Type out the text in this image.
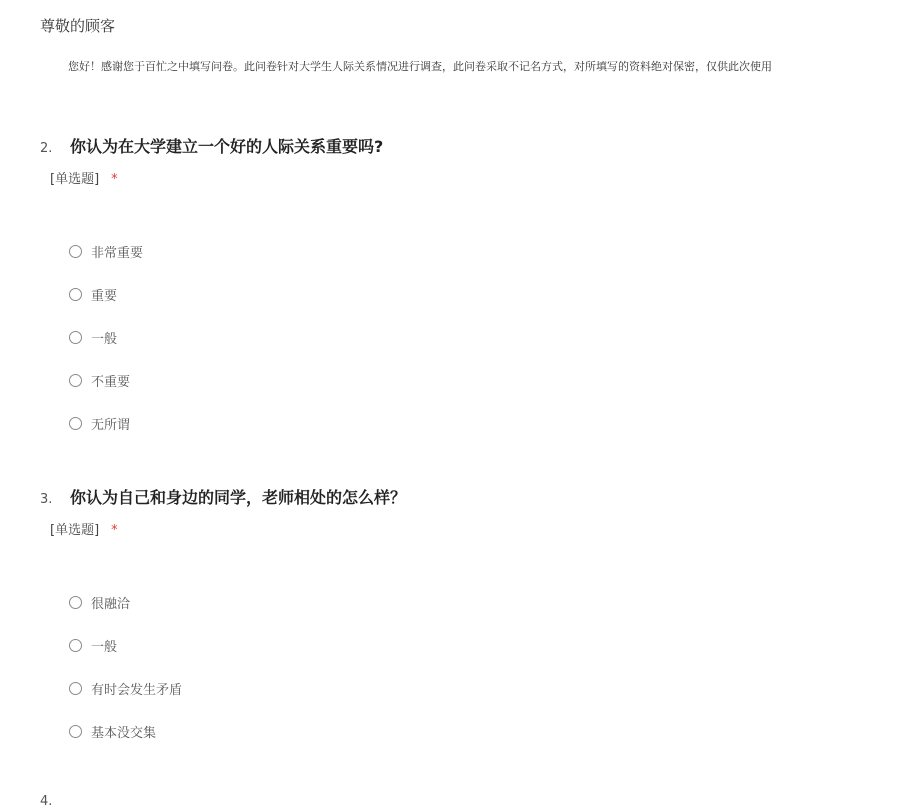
尊敬的顾客
您好！感谢您于百忙之中填写问卷。此问卷针对大学生人际关系情况进行调查，此问卷采取不记名方式，对所填写的资料绝对保密，仅供此次使用
2.	你认为在大学建立一个好的人际关系重要吗?
[单选题] *
非常重要
重要
一般
不重要
无所谓
3.	你认为自己和身边的同学，老师相处的怎么样？
[单选题] *
很融洽
一般
有时会发生矛盾
基本没交集
4.
